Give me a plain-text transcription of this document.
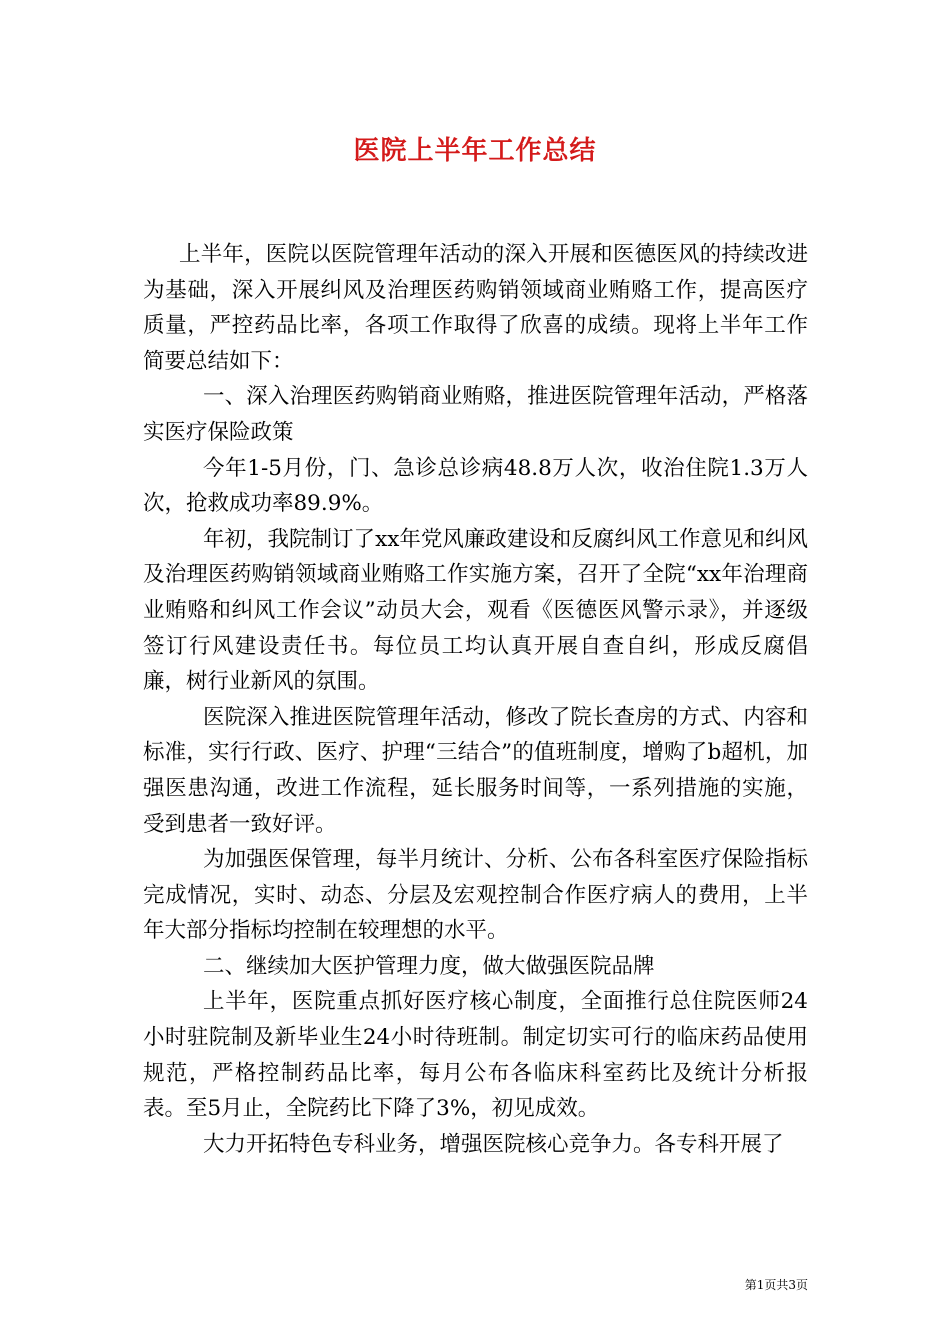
医院上半年工作总结

上半年，医院以医院管理年活动的深入开展和医德医风的持续改进为基础，深入开展纠风及治理医药购销领域商业贿赂工作，提高医疗质量，严控药品比率，各项工作取得了欣喜的成绩。现将上半年工作简要总结如下：

一、深入治理医药购销商业贿赂，推进医院管理年活动，严格落实医疗保险政策

今年1-5月份，门、急诊总诊病48.8万人次，收治住院1.3万人次，抢救成功率89.9%。

年初，我院制订了xx年党风廉政建设和反腐纠风工作意见和纠风及治理医药购销领域商业贿赂工作实施方案，召开了全院“xx年治理商业贿赂和纠风工作会议”动员大会，观看《医德医风警示录》，并逐级签订行风建设责任书。每位员工均认真开展自查自纠，形成反腐倡廉，树行业新风的氛围。

医院深入推进医院管理年活动，修改了院长查房的方式、内容和标准，实行行政、医疗、护理“三结合”的值班制度，增购了b超机，加强医患沟通，改进工作流程，延长服务时间等，一系列措施的实施，受到患者一致好评。

为加强医保管理，每半月统计、分析、公布各科室医疗保险指标完成情况，实时、动态、分层及宏观控制合作医疗病人的费用，上半年大部分指标均控制在较理想的水平。

二、继续加大医护管理力度，做大做强医院品牌

上半年，医院重点抓好医疗核心制度，全面推行总住院医师24小时驻院制及新毕业生24小时待班制。制定切实可行的临床药品使用规范，严格控制药品比率，每月公布各临床科室药比及统计分析报表。至5月止，全院药比下降了3%，初见成效。

大力开拓特色专科业务，增强医院核心竞争力。各专科开展了

第1页共3页
